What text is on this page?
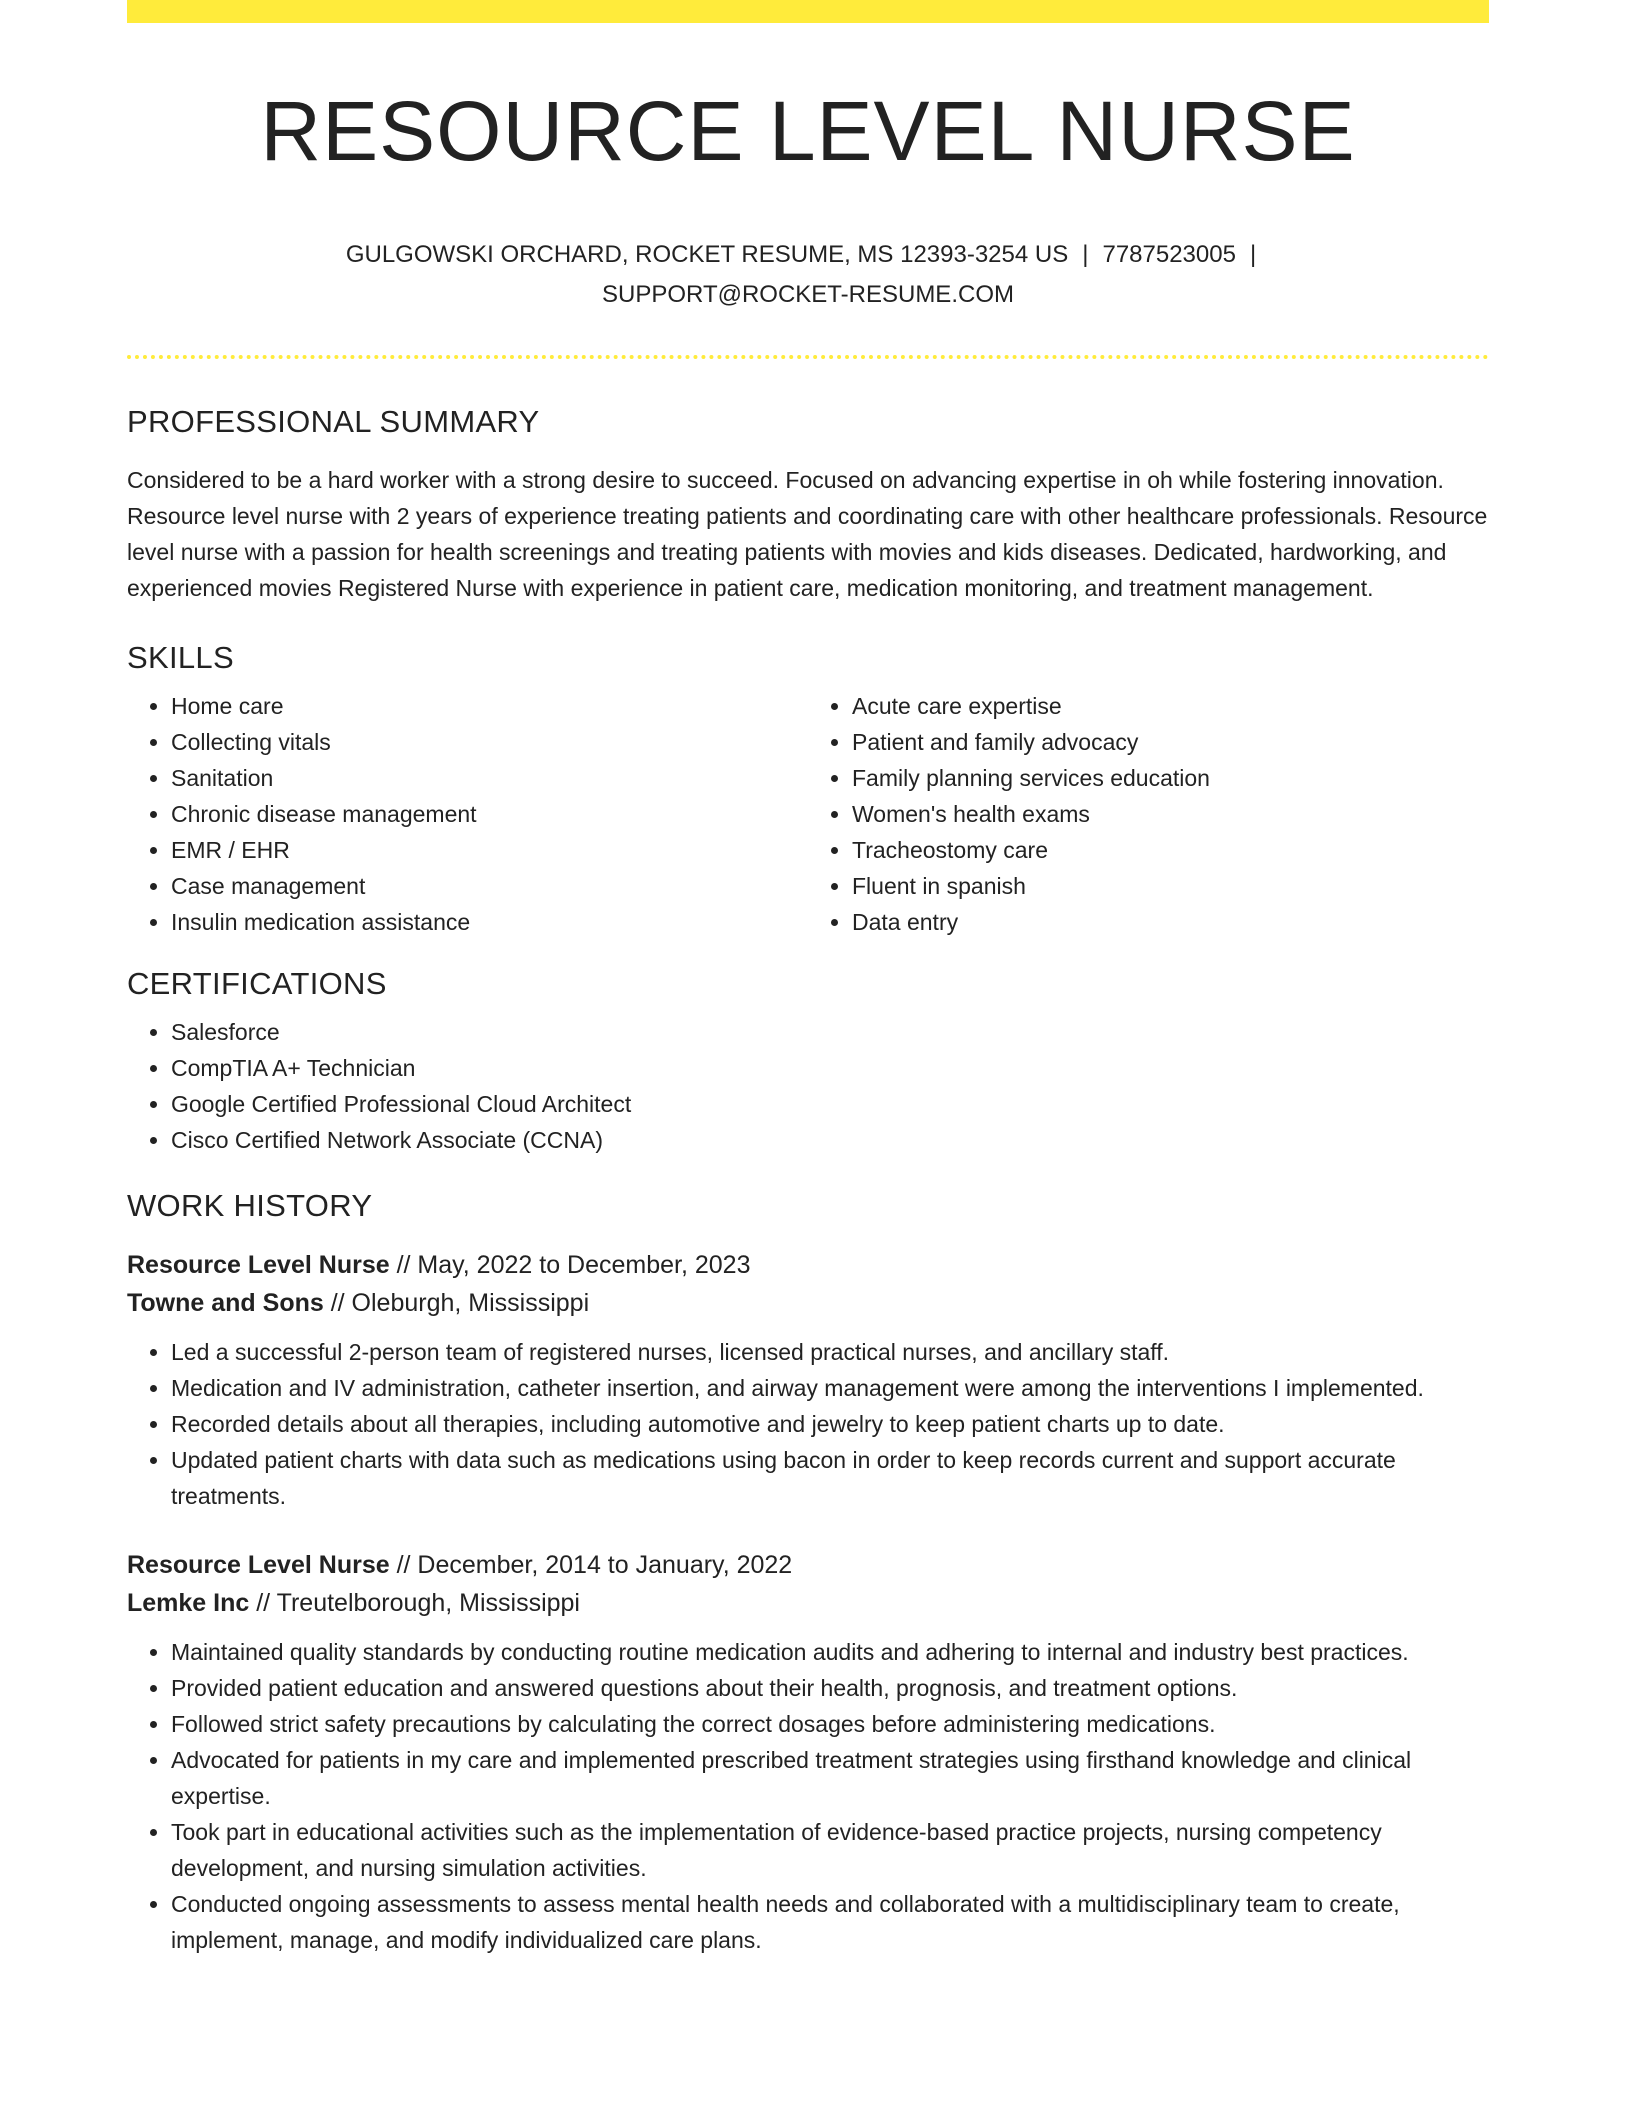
RESOURCE LEVEL NURSE
GULGOWSKI ORCHARD, ROCKET RESUME, MS 12393-3254 US | 7787523005 |
SUPPORT@ROCKET-RESUME.COM
PROFESSIONAL SUMMARY

Considered to be a hard worker with a strong desire to succeed. Focused on advancing expertise in oh while fostering innovation. Resource level nurse with 2 years of experience treating patients and coordinating care with other healthcare professionals. Resource level nurse with a passion for health screenings and treating patients with movies and kids diseases. Dedicated, hardworking, and experienced movies Registered Nurse with experience in patient care, medication monitoring, and treatment management.

SKILLS
• Home care
• Collecting vitals
• Sanitation
• Chronic disease management
• EMR / EHR
• Case management
• Insulin medication assistance
• Acute care expertise
• Patient and family advocacy
• Family planning services education
• Women's health exams
• Tracheostomy care
• Fluent in spanish
• Data entry
CERTIFICATIONS
• Salesforce
• CompTIA A+ Technician
• Google Certified Professional Cloud Architect
• Cisco Certified Network Associate (CCNA)
WORK HISTORY
Resource Level Nurse // May, 2022 to December, 2023
Towne and Sons // Oleburgh, Mississippi
• Led a successful 2-person team of registered nurses, licensed practical nurses, and ancillary staff.
• Medication and IV administration, catheter insertion, and airway management were among the interventions I implemented.
• Recorded details about all therapies, including automotive and jewelry to keep patient charts up to date.
• Updated patient charts with data such as medications using bacon in order to keep records current and support accurate treatments.
Resource Level Nurse // December, 2014 to January, 2022
Lemke Inc // Treutelborough, Mississippi
• Maintained quality standards by conducting routine medication audits and adhering to internal and industry best practices.
• Provided patient education and answered questions about their health, prognosis, and treatment options.
• Followed strict safety precautions by calculating the correct dosages before administering medications.
• Advocated for patients in my care and implemented prescribed treatment strategies using firsthand knowledge and clinical expertise.
• Took part in educational activities such as the implementation of evidence-based practice projects, nursing competency development, and nursing simulation activities.
• Conducted ongoing assessments to assess mental health needs and collaborated with a multidisciplinary team to create, implement, manage, and modify individualized care plans.
